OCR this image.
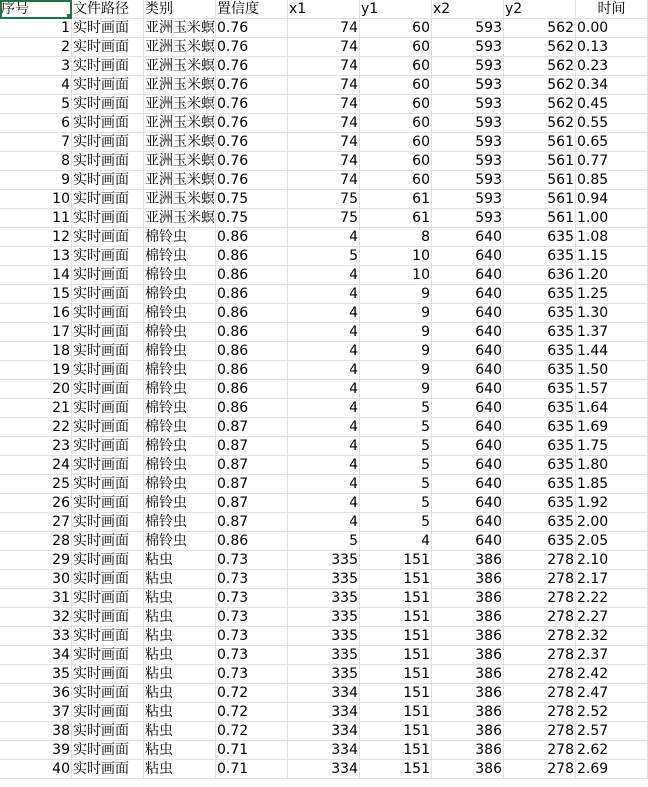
序号	文件路径	类别	置信度	x1	y1	x2	y2	时间
1 实时画面	亚洲玉米螟 0.76	74	60	593	562 0.00
2 实时画面	亚洲玉米螟 0.76	74	60	593	562 0.13
3 实时画面	亚洲玉米螟 0.76	74	60	593	562 0.23
4 实时画面	亚洲玉米螟 0.76	74	60	593	562 0.34
5 实时画面	亚洲玉米螟 0.76	74	60	593	562 0.45
6 实时画面	亚洲玉米螟 0.76	74	60	593	562 0.55
7 实时画面	亚洲玉米螟 0.76	74	60	593	561 0.65
8 实时画面	亚洲玉米螟 0.76	74	60	593	561 0.77
9 实时画面	亚洲玉米螟 0.76	74	60	593	561 0.85
10 实时画面	亚洲玉米螟 0.75	75	61	593	561 0.94
11 实时画面	亚洲玉米螟 0.75	75	61	593	561 1.00
12 实时画面	棉铃虫	0.86	4	8	640	635 1.08
13 实时画面	棉铃虫	0.86	5	10	640	635 1.15
14 实时画面	棉铃虫	0.86	4	10	640	636 1.20
15 实时画面	棉铃虫	0.86	4	9	640	635 1.25
16 实时画面	棉铃虫	0.86	4	9	640	635 1.30
17 实时画面	棉铃虫	0.86	4	9	640	635 1.37
18 实时画面	棉铃虫	0.86	4	9	640	635 1.44
19 实时画面	棉铃虫	0.86	4	9	640	635 1.50
20 实时画面	棉铃虫	0.86	4	9	640	635 1.57
21 实时画面	棉铃虫	0.86	4	5	640	635 1.64
22 实时画面	棉铃虫	0.87	4	5	640	635 1.69
23 实时画面	棉铃虫	0.87	4	5	640	635 1.75
24 实时画面	棉铃虫	0.87	4	5	640	635 1.80
25 实时画面	棉铃虫	0.87	4	5	640	635 1.85
26 实时画面	棉铃虫	0.87	4	5	640	635 1.92
27 实时画面	棉铃虫	0.87	4	5	640	635 2.00
28 实时画面	棉铃虫	0.86	5	4	640	635 2.05
29 实时画面	粘虫	0.73	335	151	386	278 2.10
30 实时画面	粘虫	0.73	335	151	386	278 2.17
31 实时画面	粘虫	0.73	335	151	386	278 2.22
32 实时画面	粘虫	0.73	335	151	386	278 2.27
33 实时画面	粘虫	0.73	335	151	386	278 2.32
34 实时画面	粘虫	0.73	335	151	386	278 2.37
35 实时画面	粘虫	0.73	335	151	386	278 2.42
36 实时画面	粘虫	0.72	334	151	386	278 2.47
37 实时画面	粘虫	0.72	334	151	386	278 2.52
38 实时画面	粘虫	0.72	334	151	386	278 2.57
39 实时画面	粘虫	0.71	334	151	386	278 2.62
40 实时画面	粘虫	0.71	334	151	386	278 2.69
